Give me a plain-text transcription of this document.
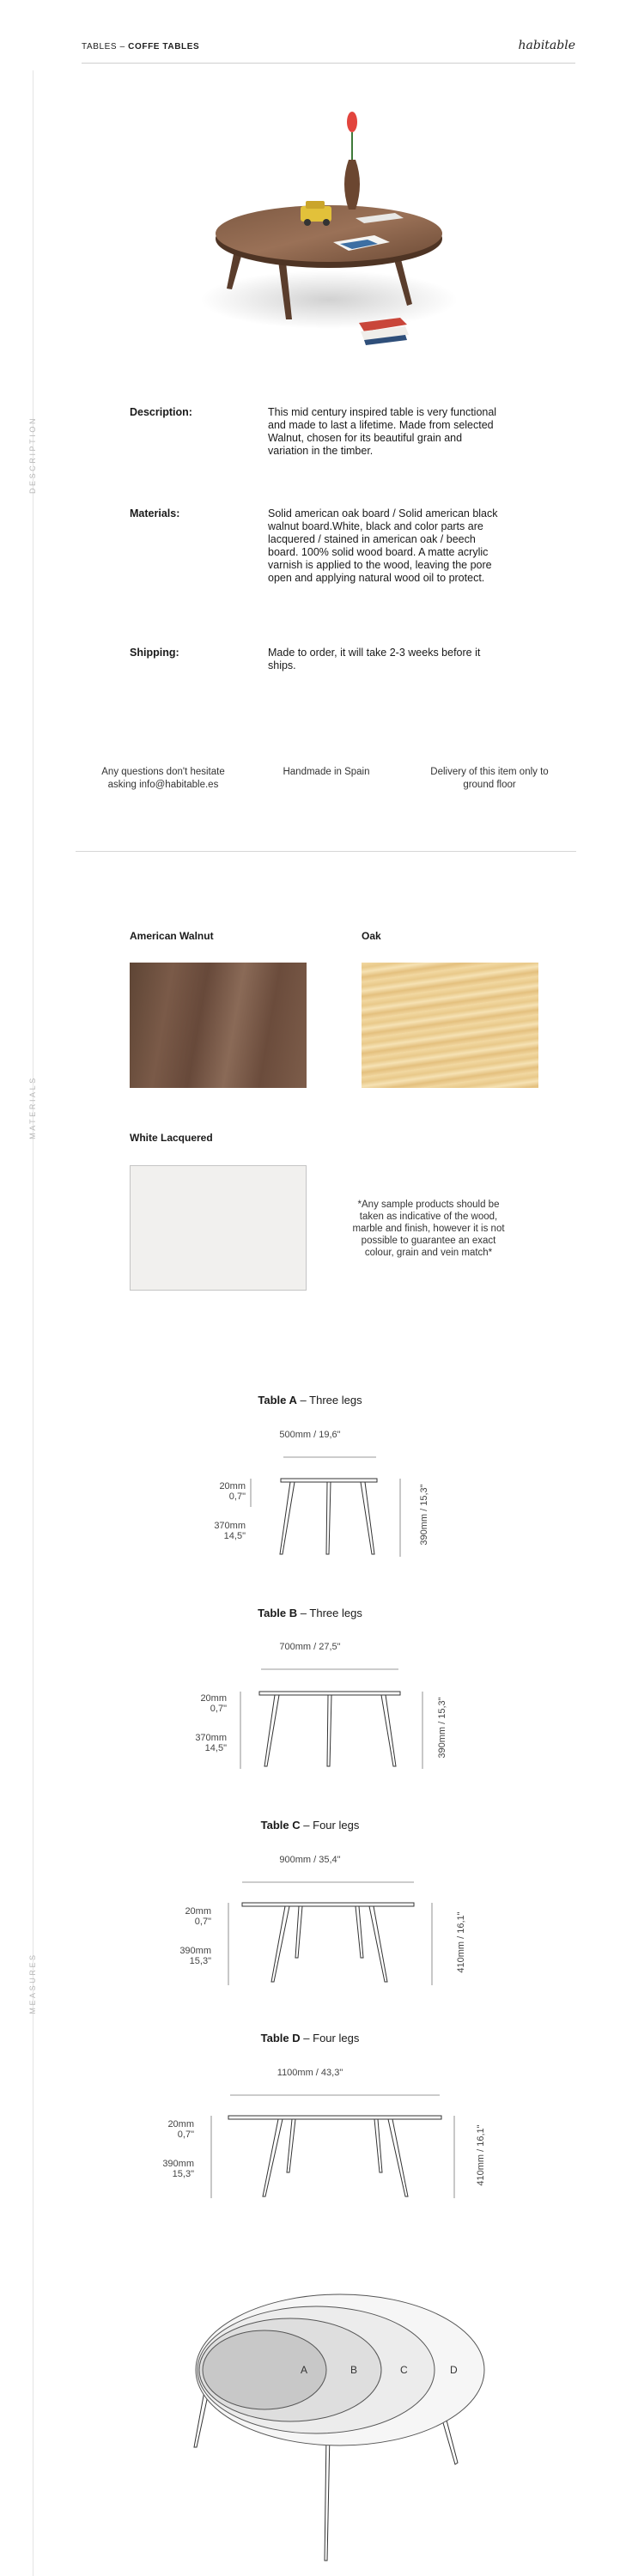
TABLES – COFFE TABLES	habitable
DESCRIPTION
MATERIALS
MEASURES
Description:	This mid century inspired table is very functional and made to last a lifetime. Made from selected Walnut, chosen for its beautiful grain and variation in the timber.
Materials:	Solid american oak board / Solid american black walnut board.White, black and color parts are lacquered / stained in american oak / beech board. 100% solid wood board. A matte acrylic varnish is applied to the wood, leaving the pore open and applying natural wood oil to protect.
Shipping:	Made to order, it will take 2-3 weeks before it ships.
Any questions don't hesitate asking info@habitable.es
Handmade in Spain	Delivery of this item only to ground floor
American Walnut	Oak
White Lacquered
*Any sample products should be taken as indicative of the wood, marble and finish, however it is not possible to guarantee an exact colour, grain and vein match*
Table A – Three legs
500mm / 19,6"
20mm
0,7"
370mm
14,5"	390mm / 15,3"
Table B – Three legs
700mm / 27,5"
20mm
0,7"
370mm
14,5"	390mm / 15,3"
Table C – Four legs
900mm / 35,4"
20mm
0,7"
390mm
15,3"	410mm / 16,1"
Table D – Four legs
1100mm / 43,3"
20mm
0,7"
390mm
15,3"	410mm / 16,1"
A	B	C	D
